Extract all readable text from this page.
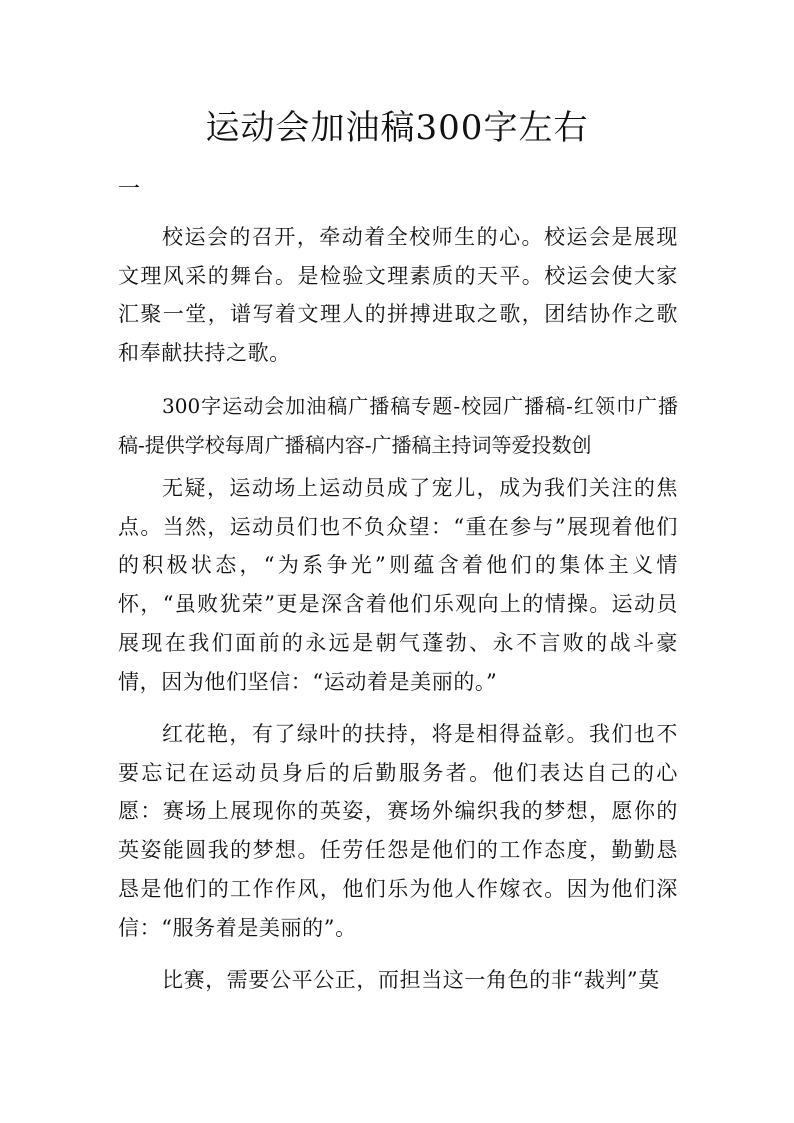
运动会加油稿300字左右

一

校运会的召开，牵动着全校师生的心。校运会是展现文理风采的舞台。是检验文理素质的天平。校运会使大家汇聚一堂，谱写着文理人的拼搏进取之歌，团结协作之歌和奉献扶持之歌。

300字运动会加油稿广播稿专题-校园广播稿-红领巾广播稿-提供学校每周广播稿内容-广播稿主持词等爱投数创

无疑，运动场上运动员成了宠儿，成为我们关注的焦点。当然，运动员们也不负众望：“重在参与”展现着他们的积极状态，“为系争光”则蕴含着他们的集体主义情怀，“虽败犹荣”更是深含着他们乐观向上的情操。运动员展现在我们面前的永远是朝气蓬勃、永不言败的战斗豪情，因为他们坚信：“运动着是美丽的。”

红花艳，有了绿叶的扶持，将是相得益彰。我们也不要忘记在运动员身后的后勤服务者。他们表达自己的心愿：赛场上展现你的英姿，赛场外编织我的梦想，愿你的英姿能圆我的梦想。任劳任怨是他们的工作态度，勤勤恳恳是他们的工作作风，他们乐为他人作嫁衣。因为他们深信：“服务着是美丽的”。

比赛，需要公平公正，而担当这一角色的非“裁判”莫
